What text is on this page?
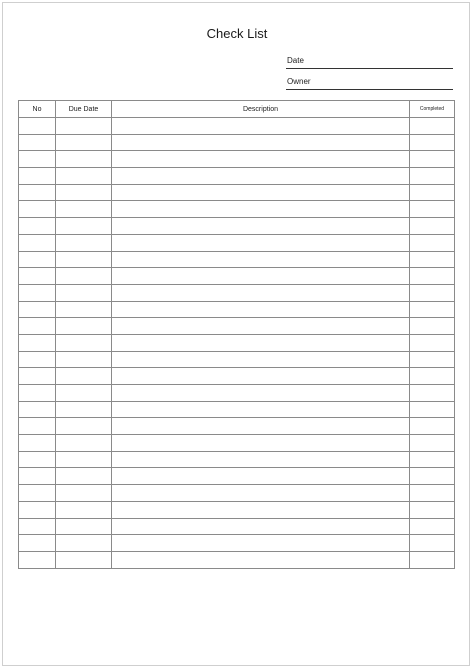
Check List
Date
Owner
No	Due Date	Description	Completed
